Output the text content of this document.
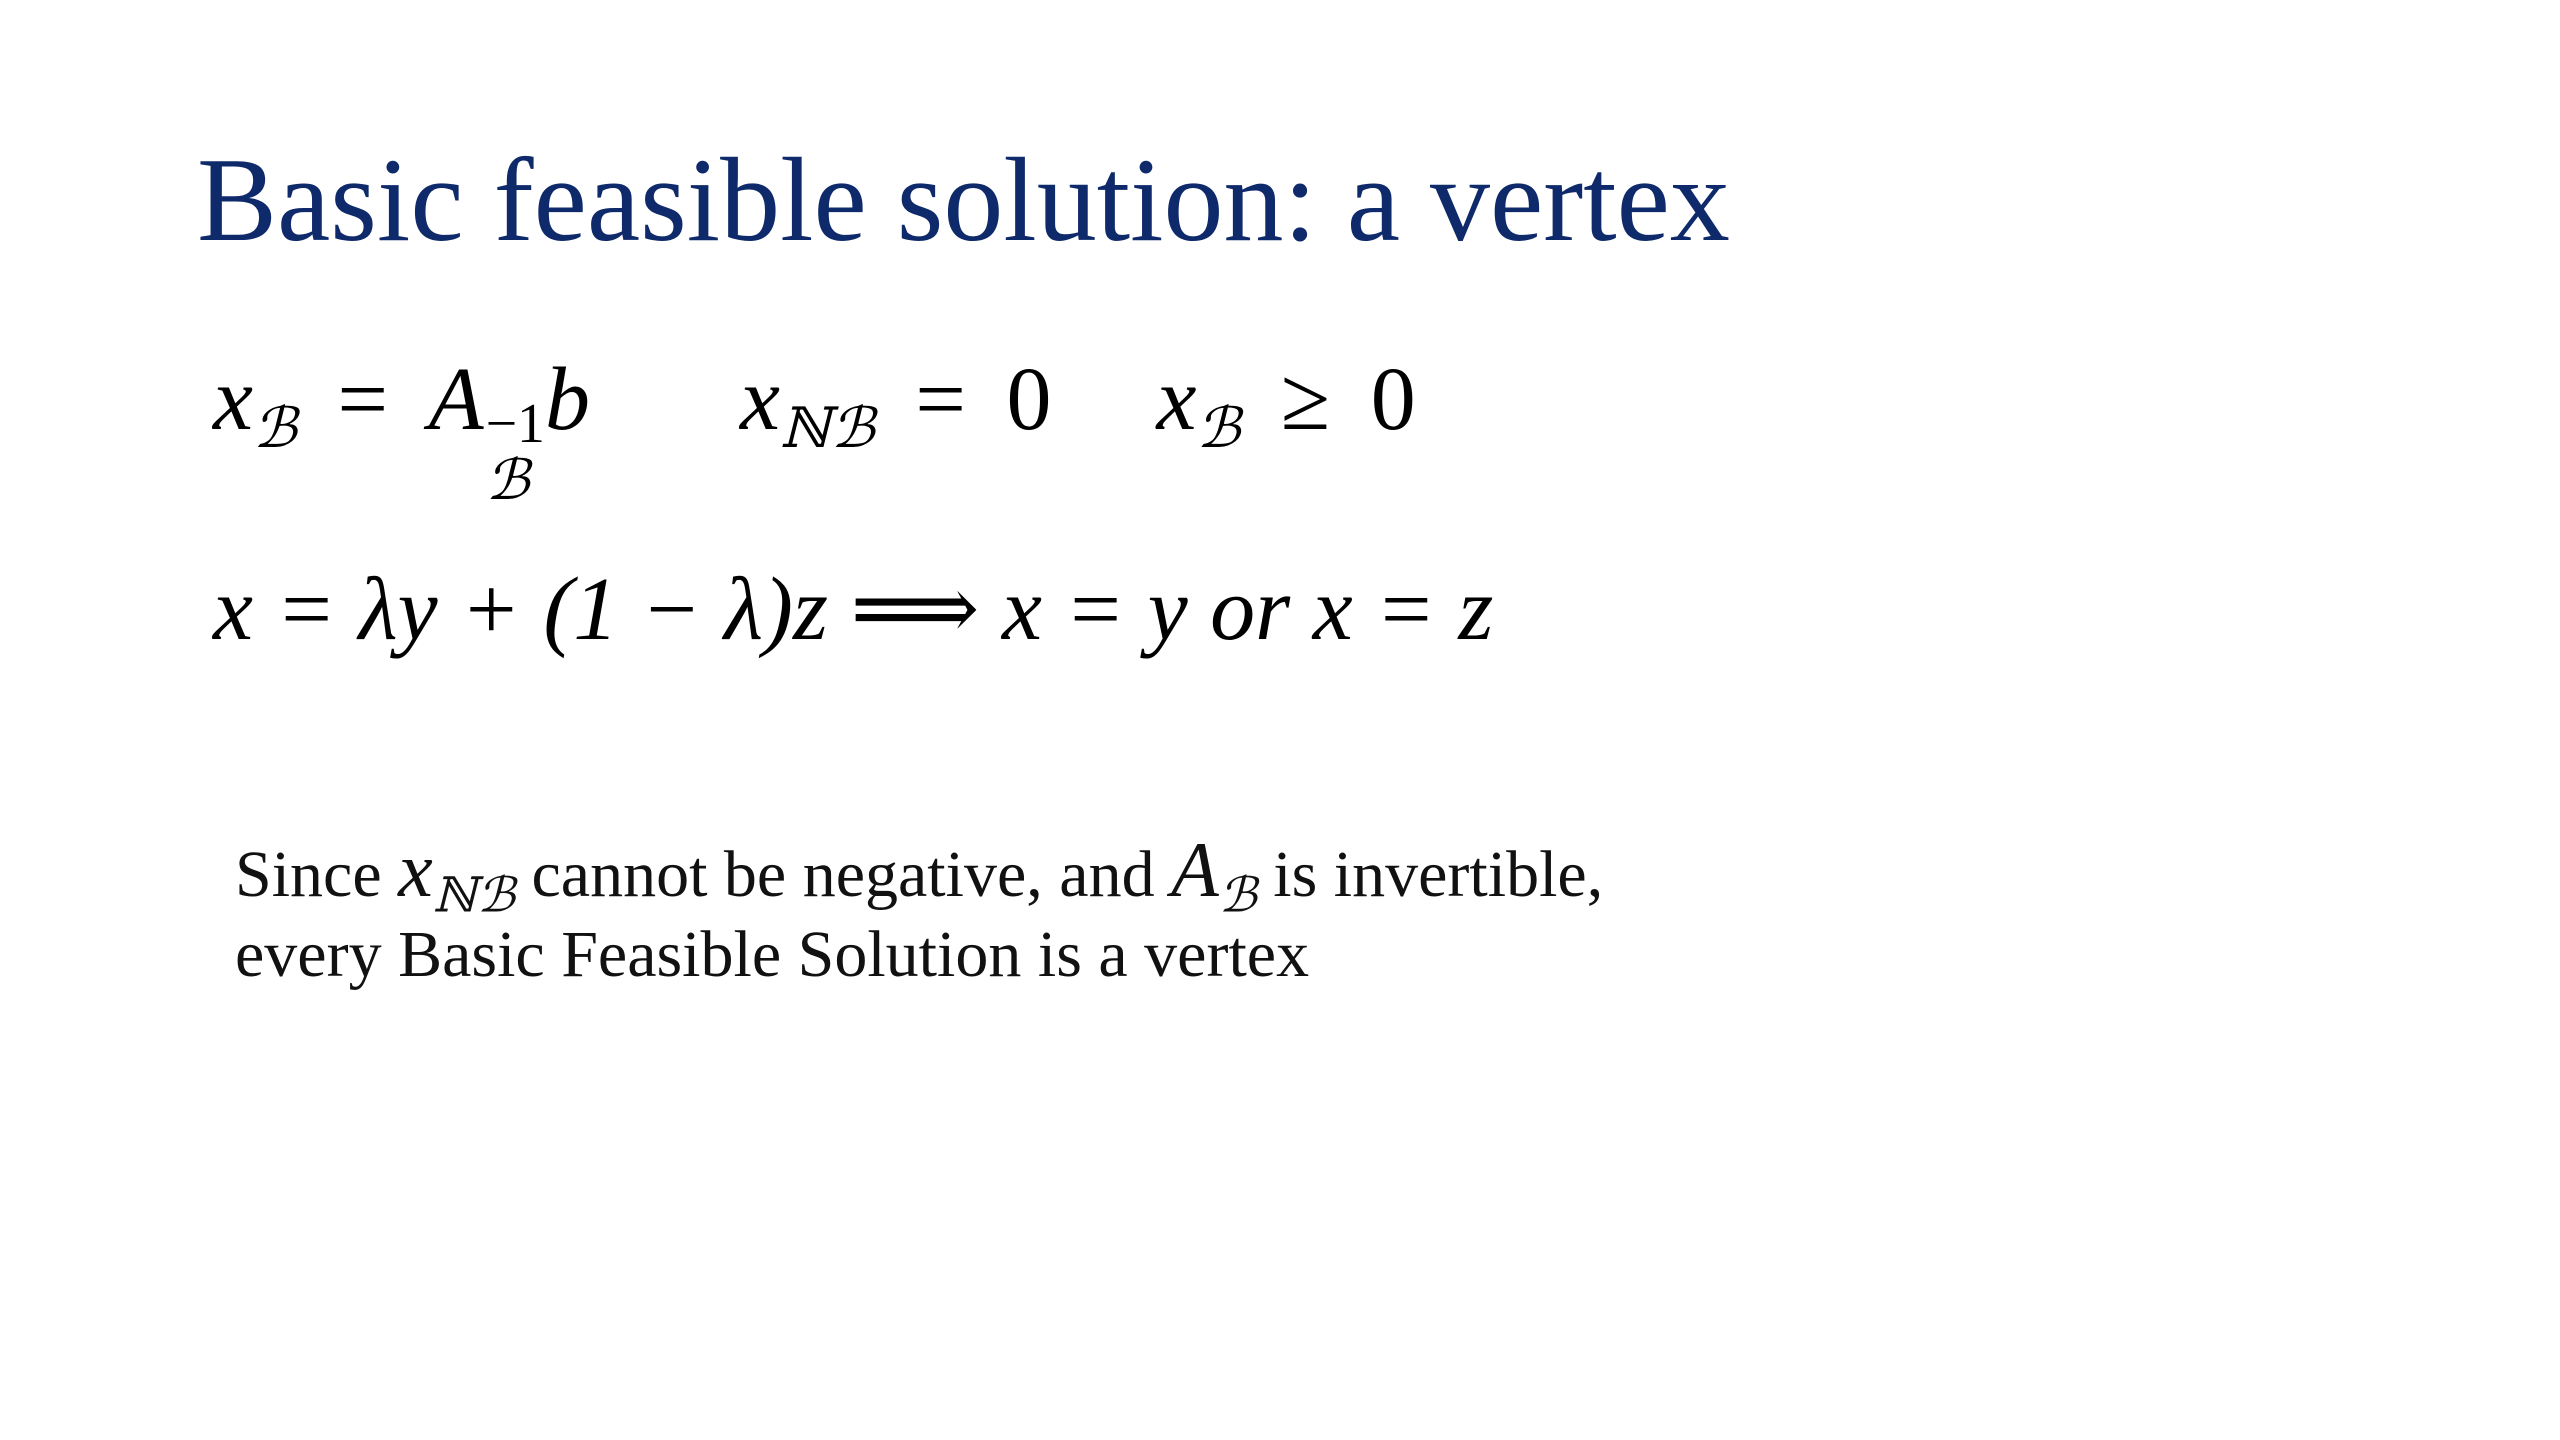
Basic feasible solution: a vertex
$x_ℬ = A -1$
ℬ
b $x_{ℕℬ} = 0$ $x_ℬ \ge 0$
x = λy + (1 − λ)z ⟹ x = y or x = z
Since $x_{ℕℬ}$ cannot be negative, and $A_ℬ$ is invertible,
every Basic Feasible Solution is a vertex
